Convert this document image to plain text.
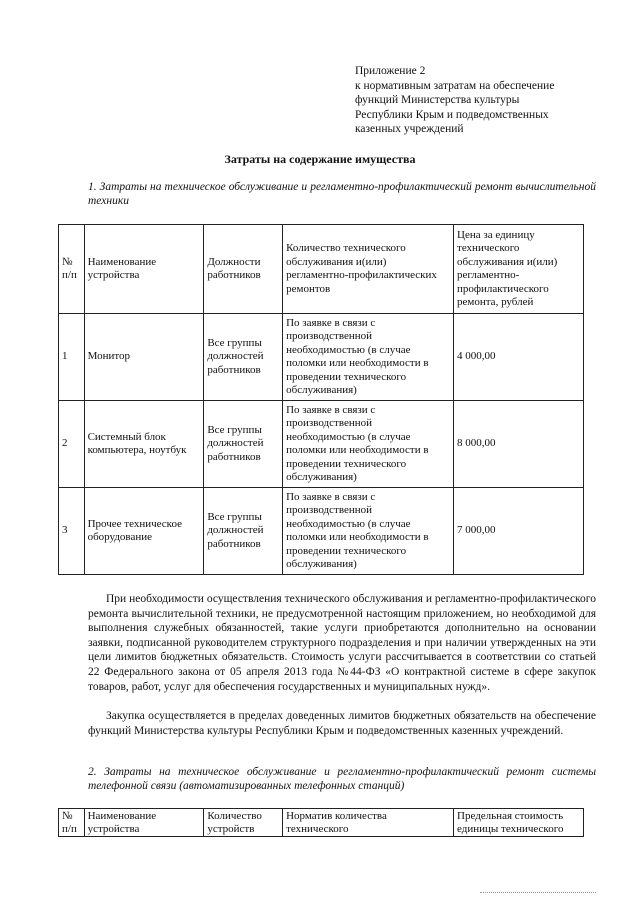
Приложение 2
к нормативным затратам на обеспечение
функций Министерства культуры
Республики Крым и подведомственных
казенных учреждений
Затраты на содержание имущества
1. Затраты на техническое обслуживание и регламентно-профилактический ремонт вычислительной техники
№ п/п	Наименование устройства	Должности работников	Количество технического обслуживания и(или) регламентно-профилактических ремонтов	Цена за единицу технического обслуживания и(или) регламентно-профилактического ремонта, рублей
1	Монитор	Все группы должностей работников	По заявке в связи с производственной необходимостью (в случае поломки или необходимости в проведении технического обслуживания)	4 000,00
2	Системный блок компьютера, ноутбук	Все группы должностей работников	По заявке в связи с производственной необходимостью (в случае поломки или необходимости в проведении технического обслуживания)	8 000,00
3	Прочее техническое оборудование	Все группы должностей работников	По заявке в связи с производственной необходимостью (в случае поломки или необходимости в проведении технического обслуживания)	7 000,00
При необходимости осуществления технического обслуживания и регламентно-профилактического ремонта вычислительной техники, не предусмотренной настоящим приложением, но необходимой для выполнения служебных обязанностей, такие услуги приобретаются дополнительно на основании заявки, подписанной руководителем структурного подразделения и при наличии утвержденных на эти цели лимитов бюджетных обязательств. Стоимость услуги рассчитывается в соответствии со статьей 22 Федерального закона от 05 апреля 2013 года №44-ФЗ «О контрактной системе в сфере закупок товаров, работ, услуг для обеспечения государственных и муниципальных нужд».
Закупка осуществляется в пределах доведенных лимитов бюджетных обязательств на обеспечение функций Министерства культуры Республики Крым и подведомственных казенных учреждений.
2. Затраты на техническое обслуживание и регламентно-профилактический ремонт системы телефонной связи (автоматизированных телефонных станций)
№ п/п	Наименование устройства	Количество устройств	Норматив количества технического	Предельная стоимость единицы технического
